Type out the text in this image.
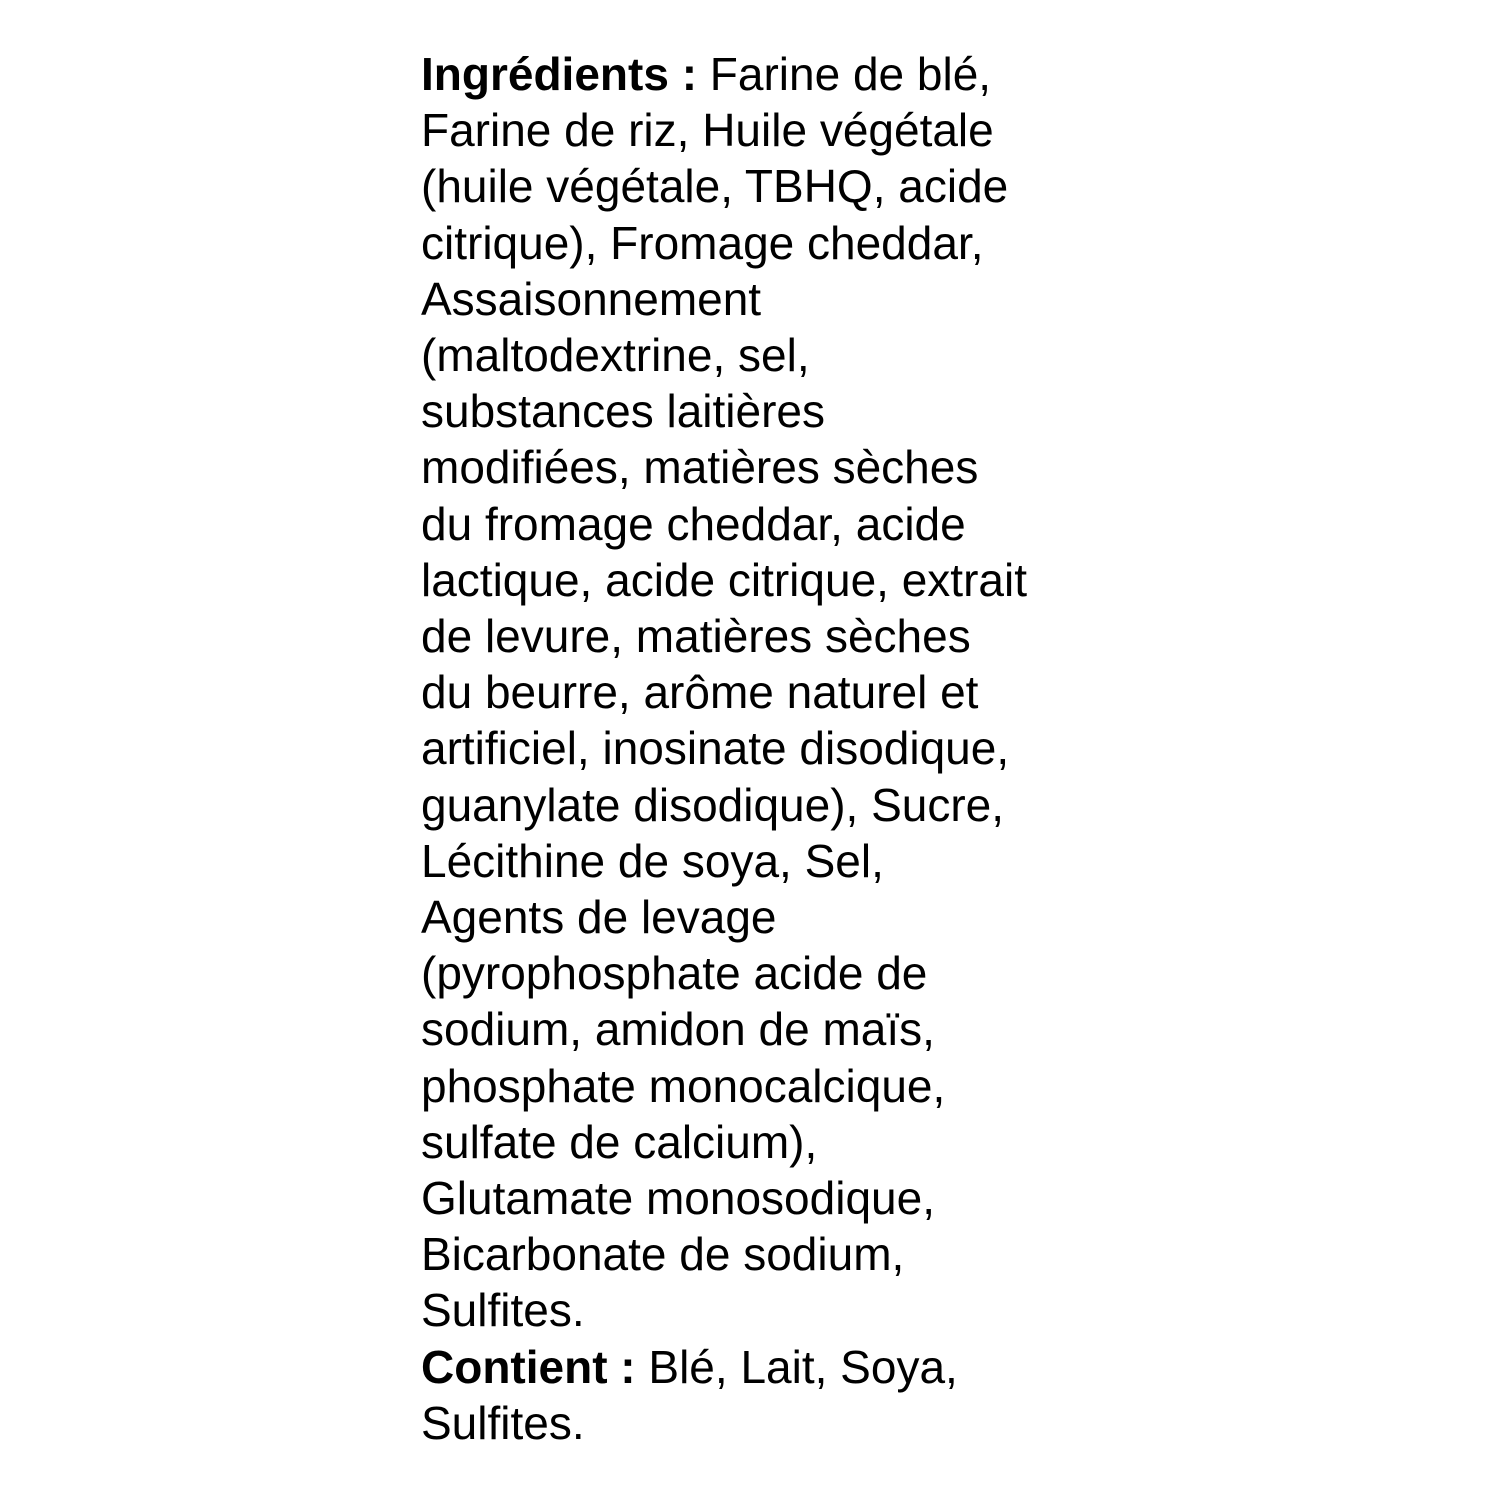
Ingrédients : Farine de blé,
Farine de riz, Huile végétale
(huile végétale, TBHQ, acide
citrique), Fromage cheddar,
Assaisonnement
(maltodextrine, sel,
substances laitières
modifiées, matières sèches
du fromage cheddar, acide
lactique, acide citrique, extrait
de levure, matières sèches
du beurre, arôme naturel et
artificiel, inosinate disodique,
guanylate disodique), Sucre,
Lécithine de soya, Sel,
Agents de levage
(pyrophosphate acide de
sodium, amidon de maïs,
phosphate monocalcique,
sulfate de calcium),
Glutamate monosodique,
Bicarbonate de sodium,
Sulfites.
Contient : Blé, Lait, Soya,
Sulfites.
